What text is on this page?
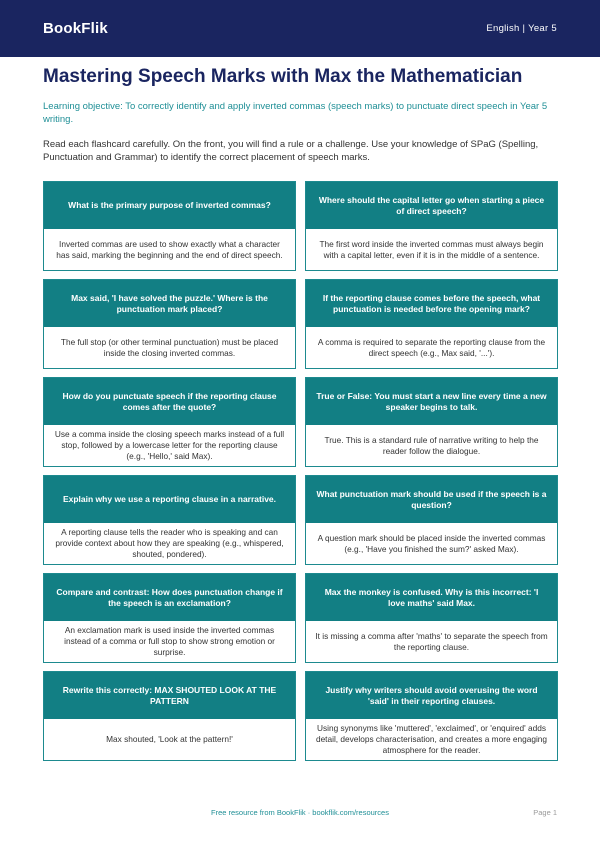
BookFlik	English | Year 5
Mastering Speech Marks with Max the Mathematician

Learning objective: To correctly identify and apply inverted commas (speech marks) to punctuate direct speech in Year 5 writing.

Read each flashcard carefully. On the front, you will find a rule or a challenge. Use your knowledge of SPaG (Spelling, Punctuation and Grammar) to identify the correct placement of speech marks.

What is the primary purpose of inverted commas?
Inverted commas are used to show exactly what a character has said, marking the beginning and the end of direct speech.
Where should the capital letter go when starting a piece of direct speech?
The first word inside the inverted commas must always begin with a capital letter, even if it is in the middle of a sentence.
Max said, 'I have solved the puzzle.' Where is the punctuation mark placed?
The full stop (or other terminal punctuation) must be placed inside the closing inverted commas.
If the reporting clause comes before the speech, what punctuation is needed before the opening mark?
A comma is required to separate the reporting clause from the direct speech (e.g., Max said, '...').
How do you punctuate speech if the reporting clause comes after the quote?
Use a comma inside the closing speech marks instead of a full stop, followed by a lowercase letter for the reporting clause (e.g., 'Hello,' said Max).
True or False: You must start a new line every time a new speaker begins to talk.
True. This is a standard rule of narrative writing to help the reader follow the dialogue.
Explain why we use a reporting clause in a narrative.
A reporting clause tells the reader who is speaking and can provide context about how they are speaking (e.g., whispered, shouted, pondered).
What punctuation mark should be used if the speech is a question?
A question mark should be placed inside the inverted commas (e.g., 'Have you finished the sum?' asked Max).
Compare and contrast: How does punctuation change if the speech is an exclamation?
An exclamation mark is used inside the inverted commas instead of a comma or full stop to show strong emotion or surprise.
Max the monkey is confused. Why is this incorrect: 'I love maths' said Max.
It is missing a comma after 'maths' to separate the speech from the reporting clause.
Rewrite this correctly: MAX SHOUTED LOOK AT THE PATTERN
Max shouted, 'Look at the pattern!'
Justify why writers should avoid overusing the word 'said' in their reporting clauses.
Using synonyms like 'muttered', 'exclaimed', or 'enquired' adds detail, develops characterisation, and creates a more engaging atmosphere for the reader.
Free resource from BookFlik · bookflik.com/resources	Page 1
